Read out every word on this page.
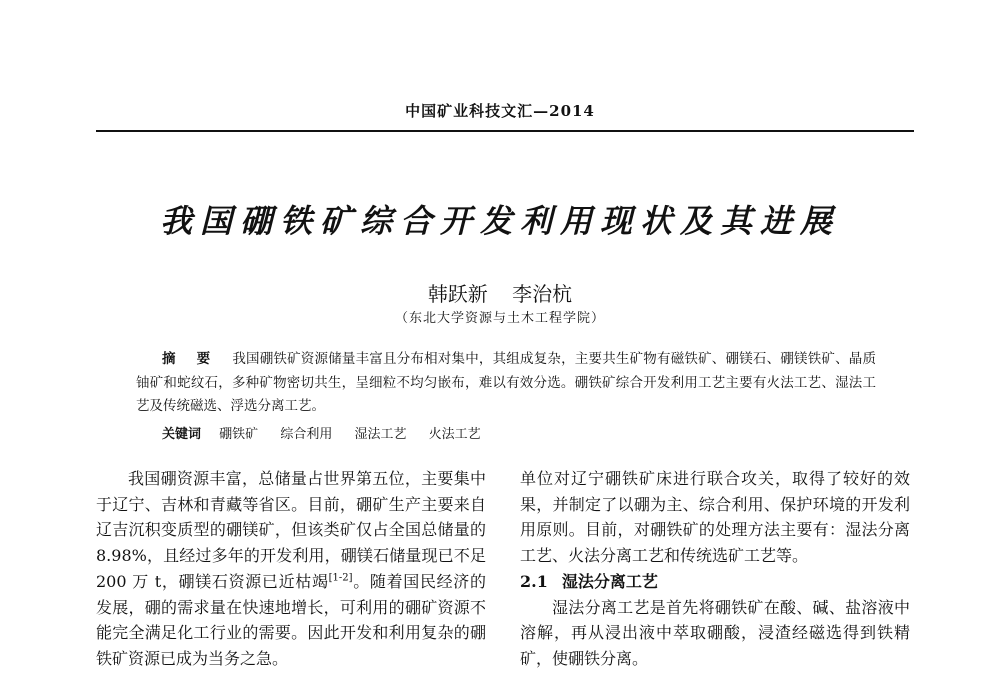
中国矿业科技文汇—2014
我国硼铁矿综合开发利用现状及其进展
韩跃新 李治杭
（东北大学资源与土木工程学院）
摘 要 我国硼铁矿资源储量丰富且分布相对集中，其组成复杂，主要共生矿物有磁铁矿、硼镁石、硼镁铁矿、晶质铀矿和蛇纹石，多种矿物密切共生，呈细粒不均匀嵌布，难以有效分选。硼铁矿综合开发利用工艺主要有火法工艺、湿法工艺及传统磁选、浮选分离工艺。
关键词 硼铁矿 综合利用 湿法工艺 火法工艺

我国硼资源丰富，总储量占世界第五位，主要集中于辽宁、吉林和青藏等省区。目前，硼矿生产主要来自辽吉沉积变质型的硼镁矿，但该类矿仅占全国总储量的 8.98%，且经过多年的开发利用，硼镁石储量现已不足 200 万 t，硼镁石资源已近枯竭[1-2]。随着国民经济的发展，硼的需求量在快速地增长，可利用的硼矿资源不能完全满足化工行业的需要。因此开发和利用复杂的硼铁矿资源已成为当务之急。

单位对辽宁硼铁矿床进行联合攻关，取得了较好的效果，并制定了以硼为主、综合利用、保护环境的开发利用原则。目前，对硼铁矿的处理方法主要有：湿法分离工艺、火法分离工艺和传统选矿工艺等。

2.1 湿法分离工艺

湿法分离工艺是首先将硼铁矿在酸、碱、盐溶液中溶解，再从浸出液中萃取硼酸，浸渣经磁选得到铁精矿，使硼铁分离。
